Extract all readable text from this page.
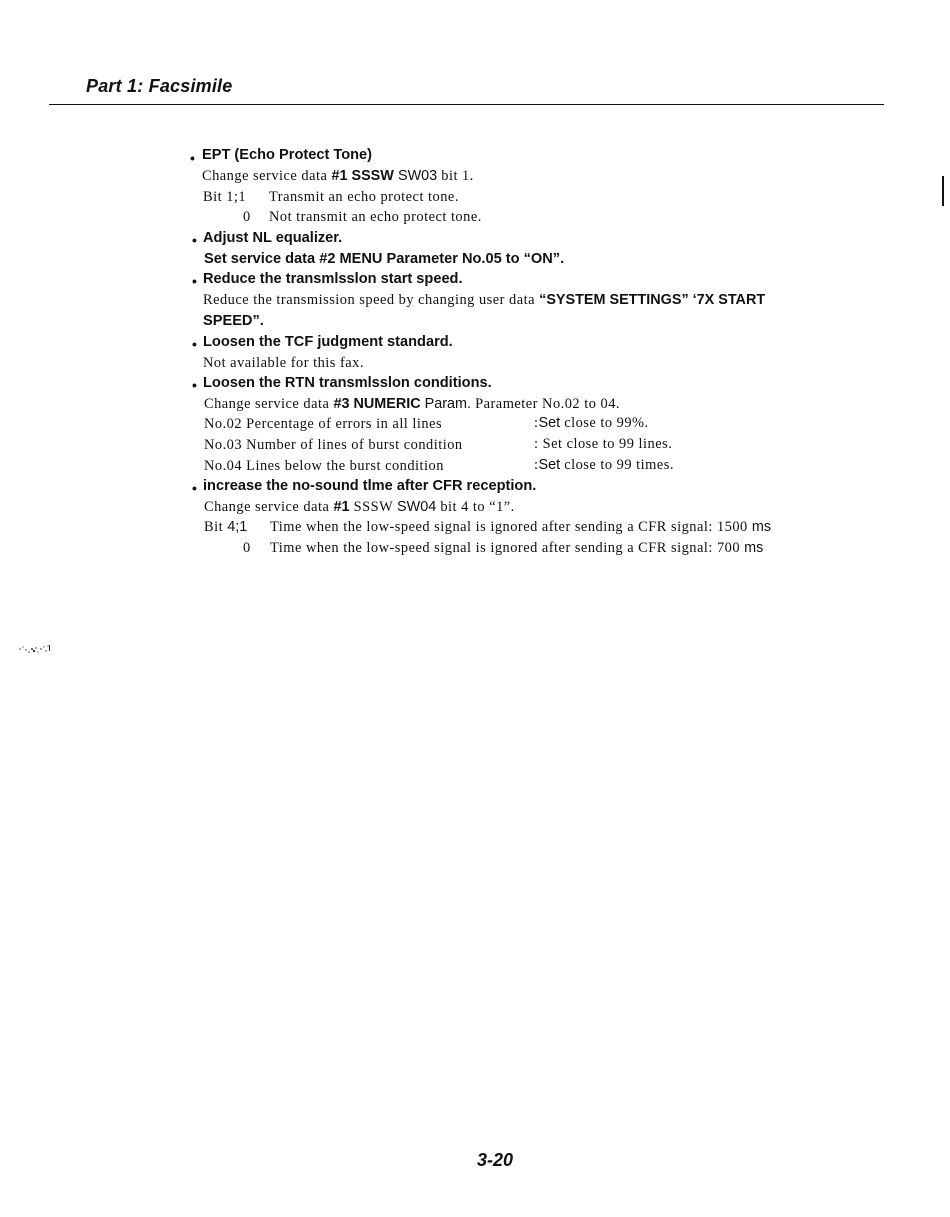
Part 1: Facsimile
• EPT (Echo Protect Tone)
Change service data #1 SSSW SW03 bit 1.
Bit 1;1 Transmit an echo protect tone.
0 Not transmit an echo protect tone.
• Adjust NL equalizer.
Set service data #2 MENU Parameter No.05 to “ON”.
• Reduce the transmlsslon start speed.
Reduce the transmission speed by changing user data “SYSTEM SETTINGS” ‘7X START
SPEED”.
• Loosen the TCF judgment standard.
Not available for this fax.
• Loosen the RTN transmlsslon conditions.
Change service data #3 NUMERIC Param. Parameter No.02 to 04.
No.02 Percentage of errors in all lines	:Set close to 99%.
No.03 Number of lines of burst condition	: Set close to 99 lines.
No.04 Lines below the burst condition	:Set close to 99 times.
• increase the no-sound tlme after CFR reception.
Change service data #1 SSSW SW04 bit 4 to “1”.
Bit 4;1 Time when the low-speed signal is ignored after sending a CFR signal: 1500 ms
0 Time when the low-speed signal is ignored after sending a CFR signal: 700 ms
3-20
